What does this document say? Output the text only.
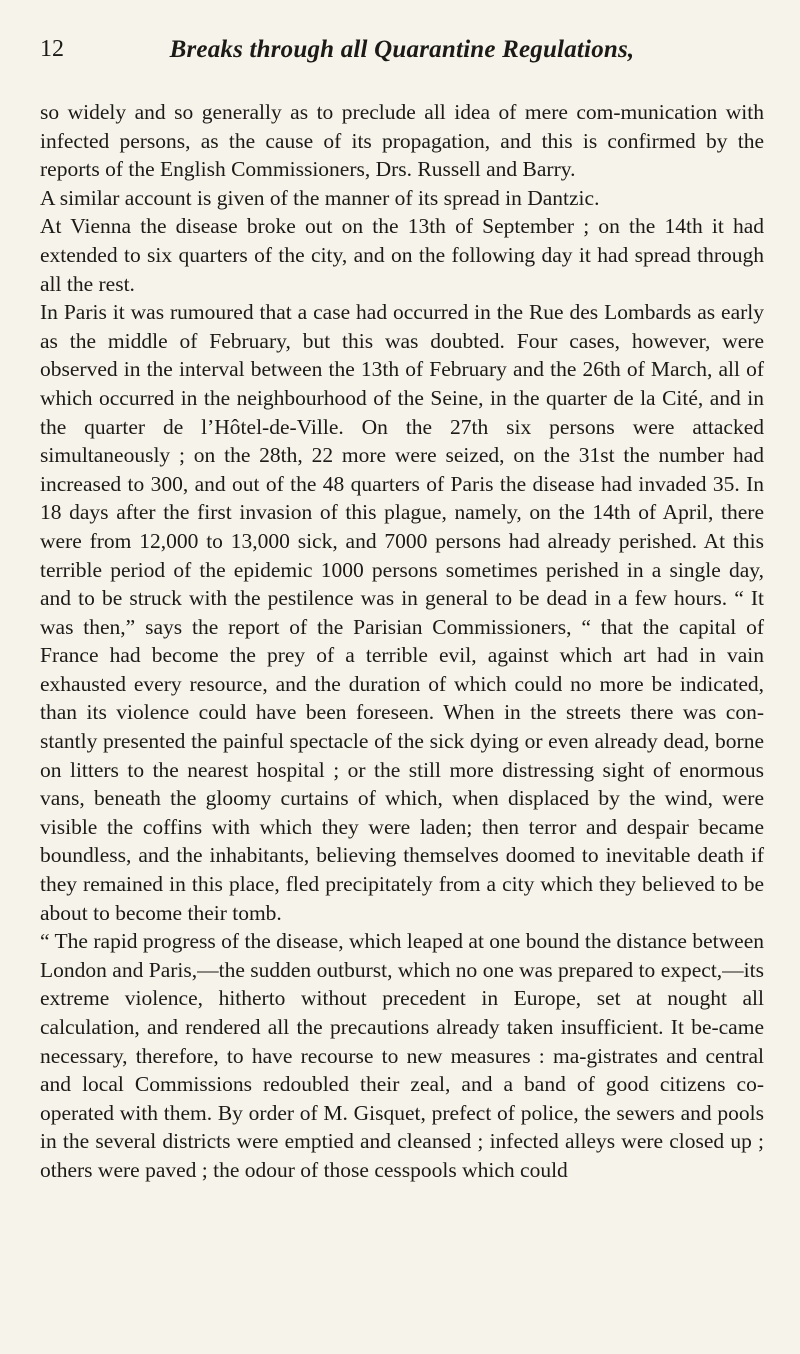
12	Breaks through all Quarantine Regulations,

so widely and so generally as to preclude all idea of mere com-munication with infected persons, as the cause of its propagation, and this is confirmed by the reports of the English Commissioners, Drs. Russell and Barry.

A similar account is given of the manner of its spread in Dantzic.

At Vienna the disease broke out on the 13th of September ; on the 14th it had extended to six quarters of the city, and on the following day it had spread through all the rest.

In Paris it was rumoured that a case had occurred in the Rue des Lombards as early as the middle of February, but this was doubted. Four cases, however, were observed in the interval between the 13th of February and the 26th of March, all of which occurred in the neighbourhood of the Seine, in the quarter de la Cité, and in the quarter de l’Hôtel-de-Ville. On the 27th six persons were attacked simultaneously ; on the 28th, 22 more were seized, on the 31st the number had increased to 300, and out of the 48 quarters of Paris the disease had invaded 35. In 18 days after the first invasion of this plague, namely, on the 14th of April, there were from 12,000 to 13,000 sick, and 7000 persons had already perished. At this terrible period of the epidemic 1000 persons sometimes perished in a single day, and to be struck with the pestilence was in general to be dead in a few hours. “ It was then,” says the report of the Parisian Commissioners, “ that the capital of France had become the prey of a terrible evil, against which art had in vain exhausted every resource, and the duration of which could no more be indicated, than its violence could have been foreseen. When in the streets there was con-stantly presented the painful spectacle of the sick dying or even already dead, borne on litters to the nearest hospital ; or the still more distressing sight of enormous vans, beneath the gloomy curtains of which, when displaced by the wind, were visible the coffins with which they were laden; then terror and despair became boundless, and the inhabitants, believing themselves doomed to inevitable death if they remained in this place, fled precipitately from a city which they believed to be about to become their tomb.

“ The rapid progress of the disease, which leaped at one bound the distance between London and Paris,—the sudden outburst, which no one was prepared to expect,—its extreme violence, hitherto without precedent in Europe, set at nought all calculation, and rendered all the precautions already taken insufficient. It be-came necessary, therefore, to have recourse to new measures : ma-gistrates and central and local Commissions redoubled their zeal, and a band of good citizens co-operated with them. By order of M. Gisquet, prefect of police, the sewers and pools in the several districts were emptied and cleansed ; infected alleys were closed up ; others were paved ; the odour of those cesspools which could
